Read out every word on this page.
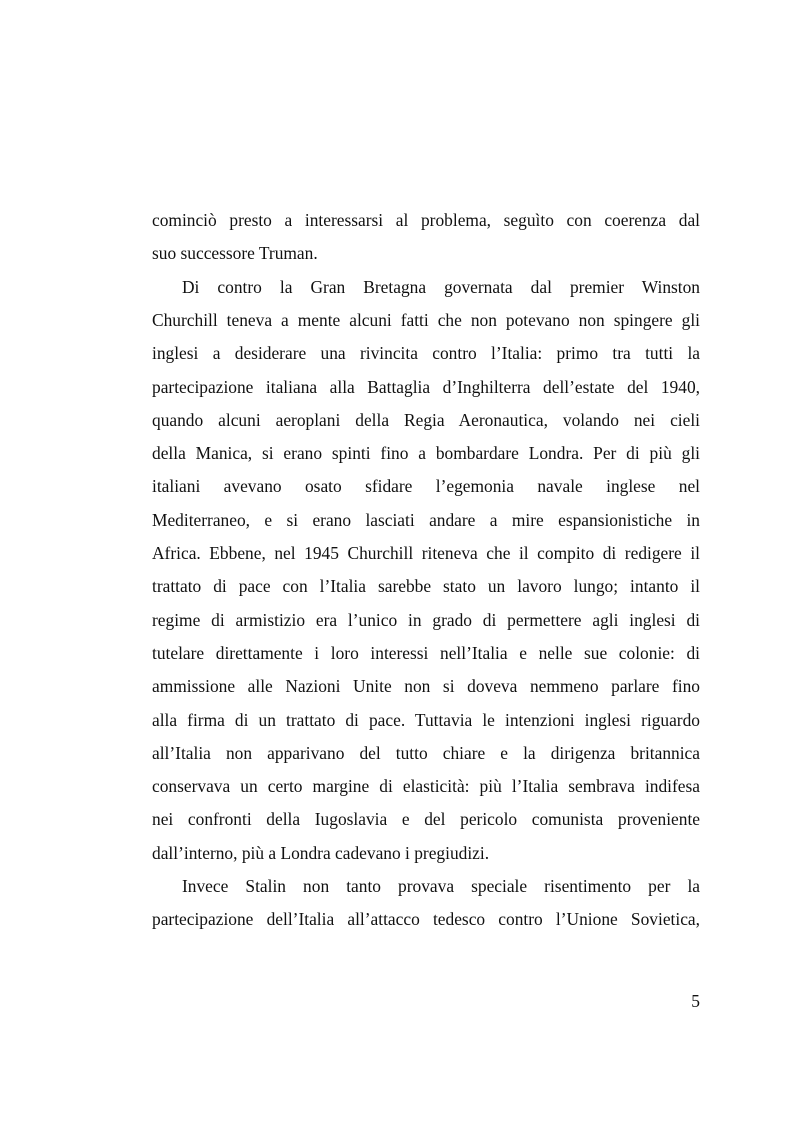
cominciò presto a interessarsi al problema, seguìto con coerenza dal
suo successore Truman.
Di contro la Gran Bretagna governata dal premier Winston
Churchill teneva a mente alcuni fatti che non potevano non spingere gli
inglesi a desiderare una rivincita contro l’Italia: primo tra tutti la
partecipazione italiana alla Battaglia d’Inghilterra dell’estate del 1940,
quando alcuni aeroplani della Regia Aeronautica, volando nei cieli
della Manica, si erano spinti fino a bombardare Londra. Per di più gli
italiani avevano osato sfidare l’egemonia navale inglese nel
Mediterraneo, e si erano lasciati andare a mire espansionistiche in
Africa. Ebbene, nel 1945 Churchill riteneva che il compito di redigere il
trattato di pace con l’Italia sarebbe stato un lavoro lungo; intanto il
regime di armistizio era l’unico in grado di permettere agli inglesi di
tutelare direttamente i loro interessi nell’Italia e nelle sue colonie: di
ammissione alle Nazioni Unite non si doveva nemmeno parlare fino
alla firma di un trattato di pace. Tuttavia le intenzioni inglesi riguardo
all’Italia non apparivano del tutto chiare e la dirigenza britannica
conservava un certo margine di elasticità: più l’Italia sembrava indifesa
nei confronti della Iugoslavia e del pericolo comunista proveniente
dall’interno, più a Londra cadevano i pregiudizi.
Invece Stalin non tanto provava speciale risentimento per la
partecipazione dell’Italia all’attacco tedesco contro l’Unione Sovietica,
5
